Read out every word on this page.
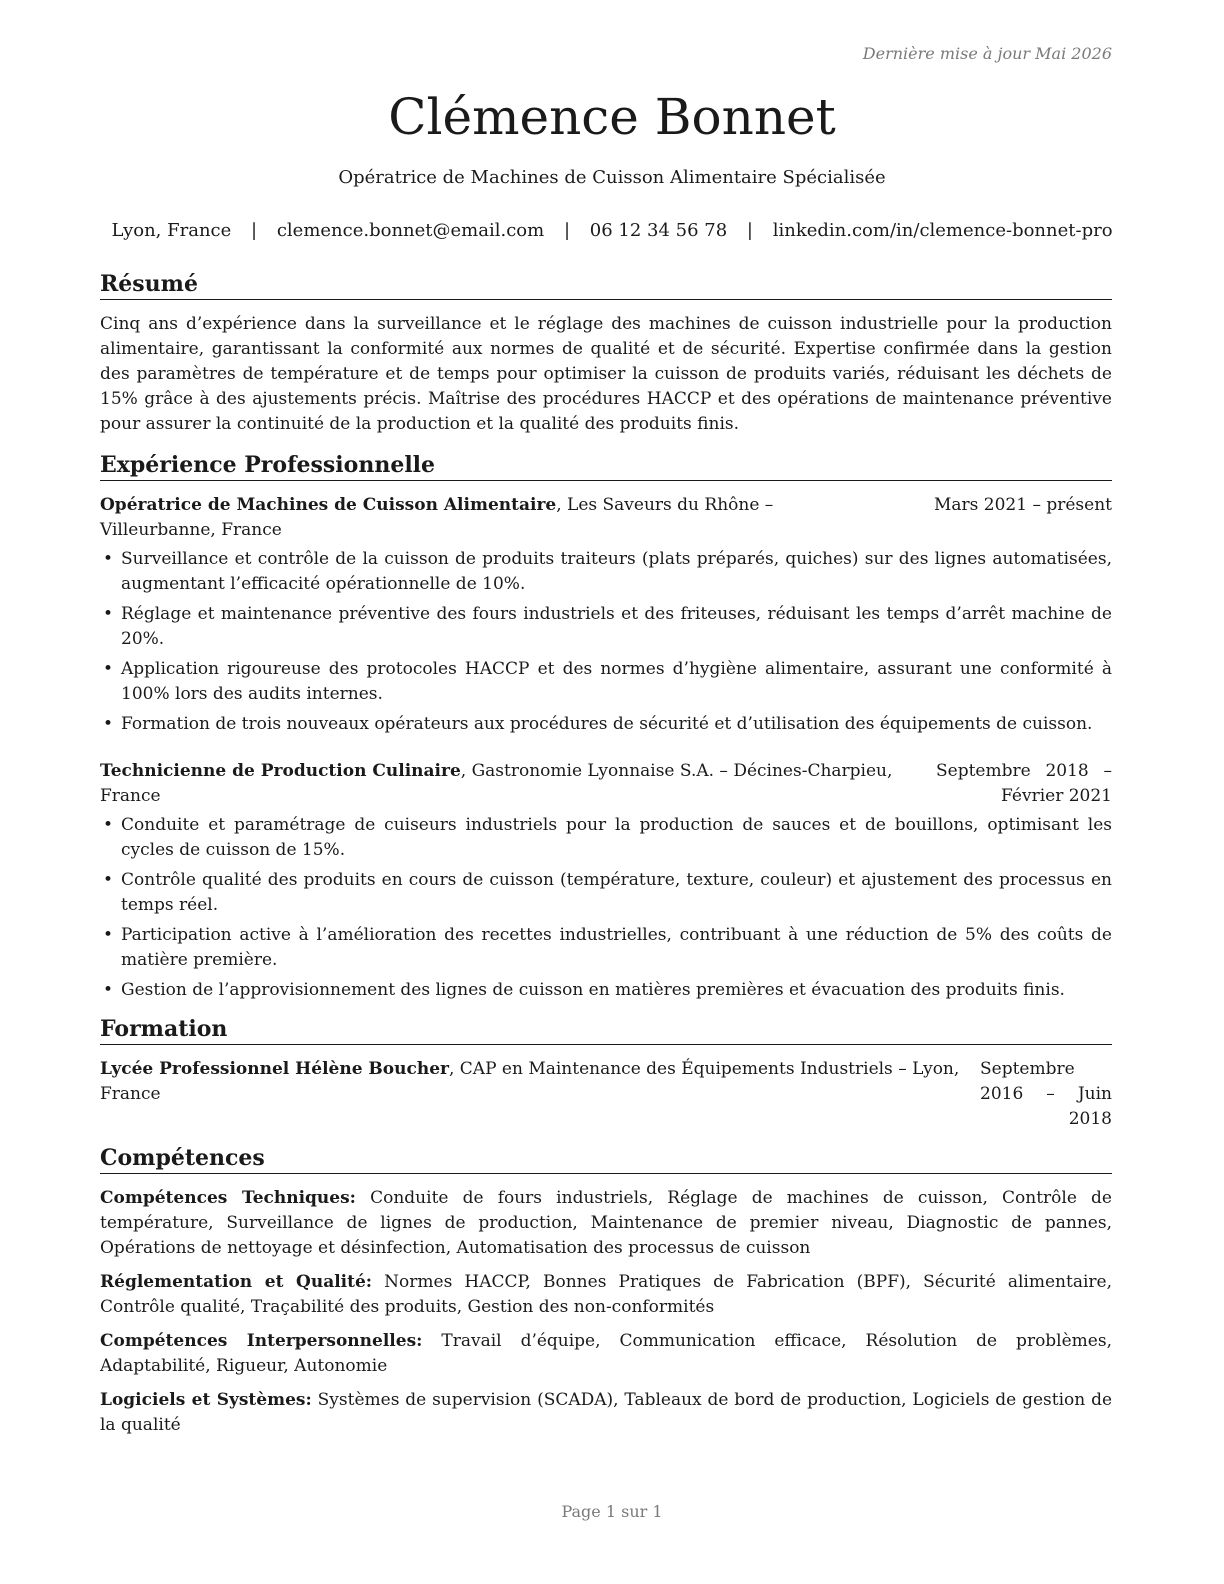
Dernière mise à jour Mai 2026
Clémence Bonnet
Opératrice de Machines de Cuisson Alimentaire Spécialisée
Lyon, France | clemence.bonnet@email.com | 06 12 34 56 78 | linkedin.com/in/clemence-bonnet-pro
Résumé
Cinq ans d’expérience dans la surveillance et le réglage des machines de cuisson industrielle pour la production alimentaire, garantissant la conformité aux normes de qualité et de sécurité. Expertise confirmée dans la gestion des paramètres de température et de temps pour optimiser la cuisson de produits variés, réduisant les déchets de 15% grâce à des ajustements précis. Maîtrise des procédures HACCP et des opérations de maintenance préventive pour assurer la continuité de la production et la qualité des produits finis.
Expérience Professionnelle
Opératrice de Machines de Cuisson Alimentaire, Les Saveurs du Rhône – Villeurbanne, France
Mars 2021 – présent
• Surveillance et contrôle de la cuisson de produits traiteurs (plats préparés, quiches) sur des lignes automatisées, augmentant l’efficacité opérationnelle de 10%.
• Réglage et maintenance préventive des fours industriels et des friteuses, réduisant les temps d’arrêt machine de 20%.
• Application rigoureuse des protocoles HACCP et des normes d’hygiène alimentaire, assurant une conformité à 100% lors des audits internes.
• Formation de trois nouveaux opérateurs aux procédures de sécurité et d’utilisation des équipements de cuisson.
Technicienne de Production Culinaire, Gastronomie Lyonnaise S.A. – Décines-Charpieu, France
Septembre 2018 – Février 2021
• Conduite et paramétrage de cuiseurs industriels pour la production de sauces et de bouillons, optimisant les cycles de cuisson de 15%.
• Contrôle qualité des produits en cours de cuisson (température, texture, couleur) et ajustement des processus en temps réel.
• Participation active à l’amélioration des recettes industrielles, contribuant à une réduction de 5% des coûts de matière première.
• Gestion de l’approvisionnement des lignes de cuisson en matières premières et évacuation des produits finis.
Formation
Lycée Professionnel Hélène Boucher, CAP en Maintenance des Équipements Industriels – Lyon, France
Septembre 2016 – Juin 2018
Compétences
Compétences Techniques: Conduite de fours industriels, Réglage de machines de cuisson, Contrôle de température, Surveillance de lignes de production, Maintenance de premier niveau, Diagnostic de pannes, Opérations de nettoyage et désinfection, Automatisation des processus de cuisson
Réglementation et Qualité: Normes HACCP, Bonnes Pratiques de Fabrication (BPF), Sécurité alimentaire, Contrôle qualité, Traçabilité des produits, Gestion des non-conformités
Compétences Interpersonnelles: Travail d’équipe, Communication efficace, Résolution de problèmes, Adaptabilité, Rigueur, Autonomie
Logiciels et Systèmes: Systèmes de supervision (SCADA), Tableaux de bord de production, Logiciels de gestion de la qualité
Page 1 sur 1
